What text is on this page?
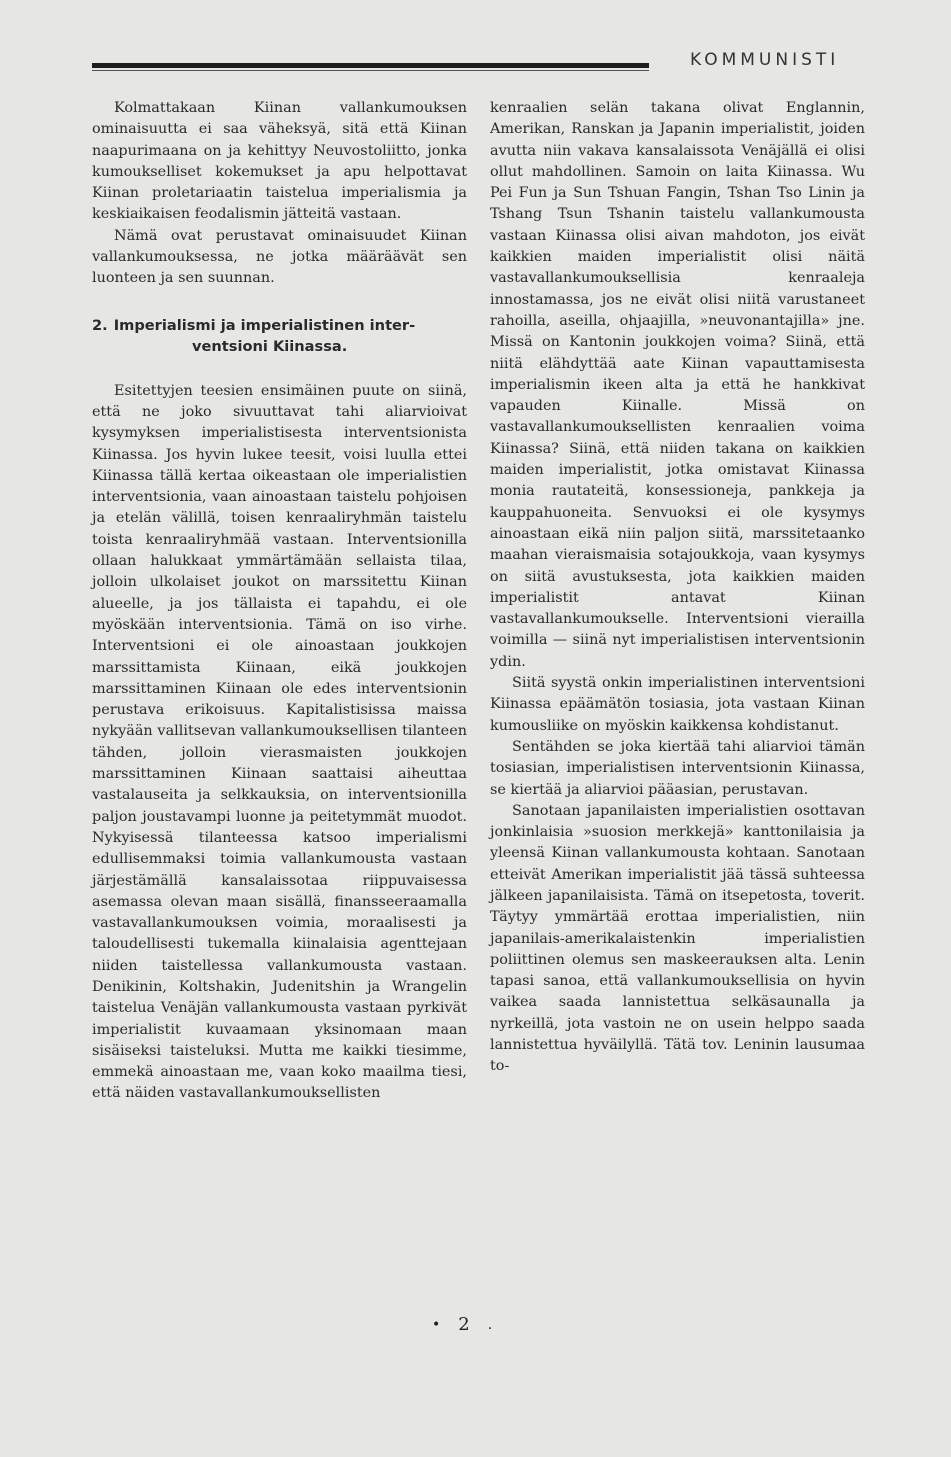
KOMMUNISTI

Kolmattakaan Kiinan vallankumouksen ominaisuutta ei saa väheksyä, sitä että Kiinan naapurimaana on ja kehittyy Neuvostoliitto, jonka kumoukselliset kokemukset ja apu helpottavat Kiinan proletariaatin taistelua imperialismia ja keskiaikaisen feodalismin jätteitä vastaan.

Nämä ovat perustavat ominaisuudet Kiinan vallankumouksessa, ne jotka määräävät sen luonteen ja sen suunnan.

2. Imperialismi ja imperialistinen inter-
ventsioni Kiinassa.

Esitettyjen teesien ensimäinen puute on siinä, että ne joko sivuuttavat tahi aliarvioivat kysymyksen imperialistisesta interventsionista Kiinassa. Jos hyvin lukee teesit, voisi luulla ettei Kiinassa tällä kertaa oikeastaan ole imperialistien interventsionia, vaan ainoastaan taistelu pohjoisen ja etelän välillä, toisen kenraaliryhmän taistelu toista kenraaliryhmää vastaan. Interventsionilla ollaan halukkaat ymmärtämään sellaista tilaa, jolloin ulkolaiset joukot on marssitettu Kiinan alueelle, ja jos tällaista ei tapahdu, ei ole myöskään interventsionia. Tämä on iso virhe. Interventsioni ei ole ainoastaan joukkojen marssittamista Kiinaan, eikä joukkojen marssittaminen Kiinaan ole edes interventsionin perustava erikoisuus. Kapitalistisissa maissa nykyään vallitsevan vallankumouksellisen tilanteen tähden, jolloin vierasmaisten joukkojen marssittaminen Kiinaan saattaisi aiheuttaa vastalauseita ja selkkauksia, on interventsionilla paljon joustavampi luonne ja peitetymmät muodot. Nykyisessä tilanteessa katsoo imperialismi edullisemmaksi toimia vallankumousta vastaan järjestämällä kansalaissotaa riippuvaisessa asemassa olevan maan sisällä, finansseeraamalla vastavallankumouksen voimia, moraalisesti ja taloudellisesti tukemalla kiinalaisia agenttejaan niiden taistellessa vallankumousta vastaan. Denikinin, Koltshakin, Judenitshin ja Wrangelin taistelua Venäjän vallankumousta vastaan pyrkivät imperialistit kuvaamaan yksinomaan maan sisäiseksi taisteluksi. Mutta me kaikki tiesimme, emmekä ainoastaan me, vaan koko maailma tiesi, että näiden vastavallankumouksellisten

kenraalien selän takana olivat Englannin, Amerikan, Ranskan ja Japanin imperialistit, joiden avutta niin vakava kansalaissota Venäjällä ei olisi ollut mahdollinen. Samoin on laita Kiinassa. Wu Pei Fun ja Sun Tshuan Fangin, Tshan Tso Linin ja Tshang Tsun Tshanin taistelu vallankumousta vastaan Kiinassa olisi aivan mahdoton, jos eivät kaikkien maiden imperialistit olisi näitä vastavallankumouksellisia kenraaleja innostamassa, jos ne eivät olisi niitä varustaneet rahoilla, aseilla, ohjaajilla, »neuvonantajilla» jne. Missä on Kantonin joukkojen voima? Siinä, että niitä elähdyttää aate Kiinan vapauttamisesta imperialismin ikeen alta ja että he hankkivat vapauden Kiinalle. Missä on vastavallankumouksellisten kenraalien voima Kiinassa? Siinä, että niiden takana on kaikkien maiden imperialistit, jotka omistavat Kiinassa monia rautateitä, konsessioneja, pankkeja ja kauppahuoneita. Senvuoksi ei ole kysymys ainoastaan eikä niin paljon siitä, marssitetaanko maahan vieraismaisia sotajoukkoja, vaan kysymys on siitä avustuksesta, jota kaikkien maiden imperialistit antavat Kiinan vastavallankumoukselle. Interventsioni vierailla voimilla — siinä nyt imperialistisen interventsionin ydin.

Siitä syystä onkin imperialistinen interventsioni Kiinassa epäämätön tosiasia, jota vastaan Kiinan kumousliike on myöskin kaikkensa kohdistanut.

Sentähden se joka kiertää tahi aliarvioi tämän tosiasian, imperialistisen interventsionin Kiinassa, se kiertää ja aliarvioi pääasian, perustavan.

Sanotaan japanilaisten imperialistien osottavan jonkinlaisia »suosion merkkejä» kanttonilaisia ja yleensä Kiinan vallankumousta kohtaan. Sanotaan etteivät Amerikan imperialistit jää tässä suhteessa jälkeen japanilaisista. Tämä on itsepetosta, toverit. Täytyy ymmärtää erottaa imperialistien, niin japanilais-amerikalaistenkin imperialistien poliittinen olemus sen maskeerauksen alta. Lenin tapasi sanoa, että vallankumouksellisia on hyvin vaikea saada lannistettua selkäsaunalla ja nyrkeillä, jota vastoin ne on usein helppo saada lannistettua hyväilyllä. Tätä tov. Leninin lausumaa to-

• 2 .
